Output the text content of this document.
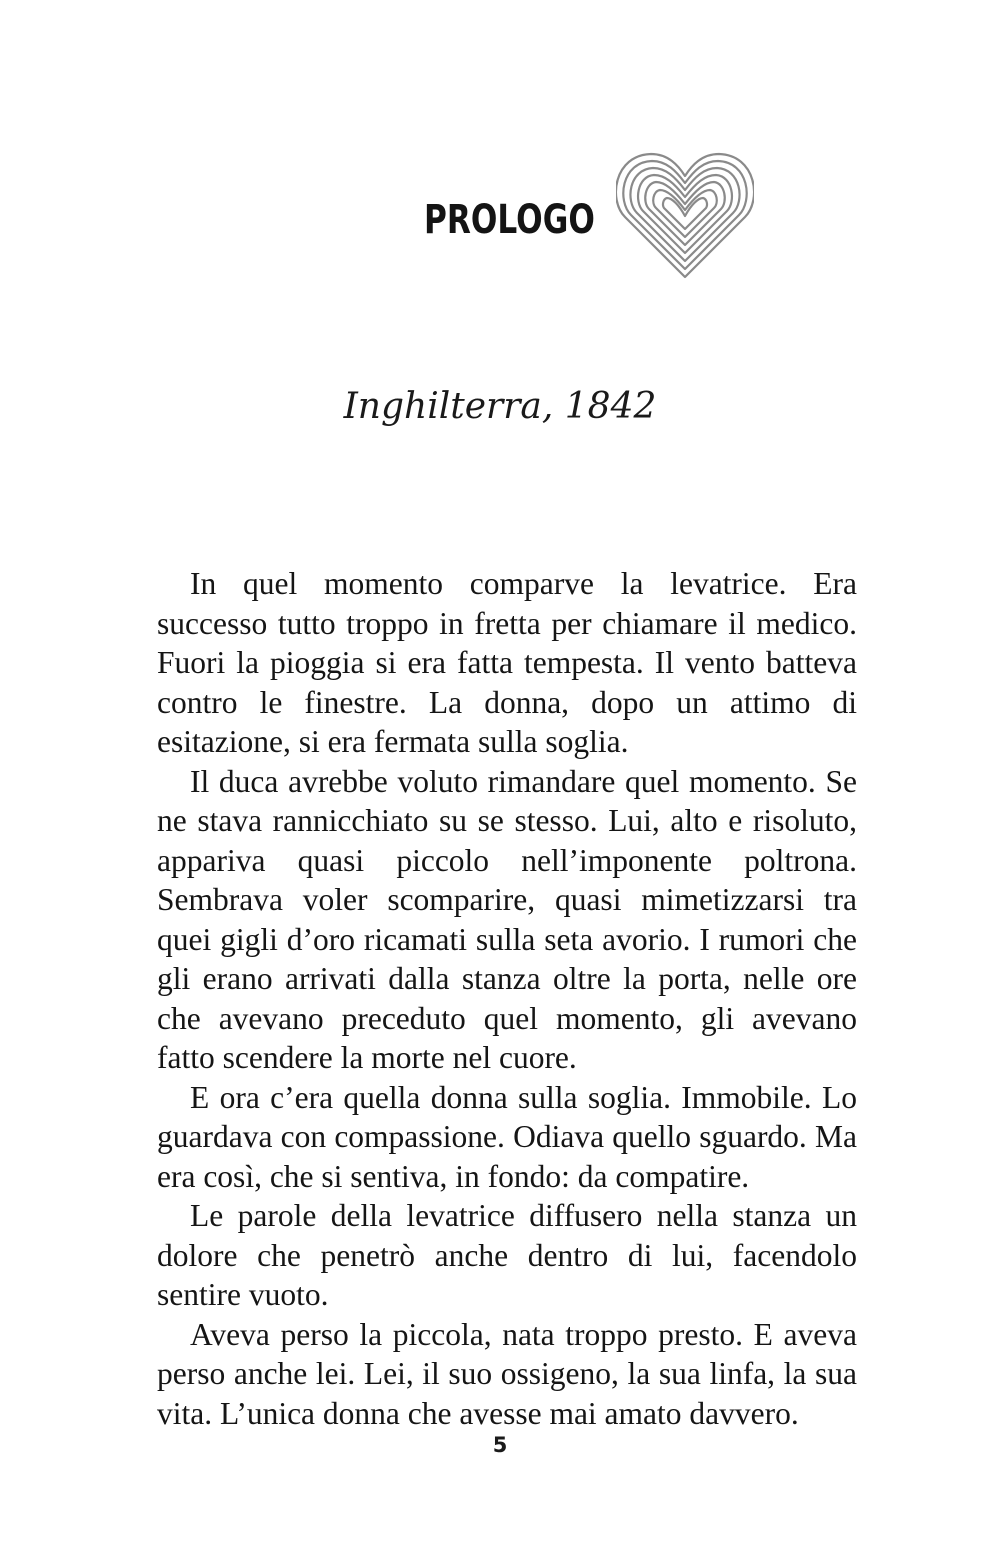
PROLOGO
Inghilterra, 1842

In quel momento comparve la levatrice. Era successo tutto troppo in fretta per chiamare il medico. Fuori la pioggia si era fatta tempesta. Il vento batteva contro le finestre. La donna, dopo un attimo di esitazione, si era fermata sulla soglia.

Il duca avrebbe voluto rimandare quel momento. Se ne stava rannicchiato su se stesso. Lui, alto e risoluto, appariva quasi piccolo nell’imponente poltrona. Sembrava voler scomparire, quasi mimetizzarsi tra quei gigli d’oro ricamati sulla seta avorio. I rumori che gli erano arrivati dalla stanza oltre la porta, nelle ore che avevano preceduto quel momento, gli avevano fatto scendere la morte nel cuore.

E ora c’era quella donna sulla soglia. Immobile. Lo guardava con compassione. Odiava quello sguardo. Ma era così, che si sentiva, in fondo: da compatire.

Le parole della levatrice diffusero nella stanza un dolore che penetrò anche dentro di lui, facendolo sentire vuoto.

Aveva perso la piccola, nata troppo presto. E aveva perso anche lei. Lei, il suo ossigeno, la sua linfa, la sua vita. L’unica donna che avesse mai amato davvero.

5
